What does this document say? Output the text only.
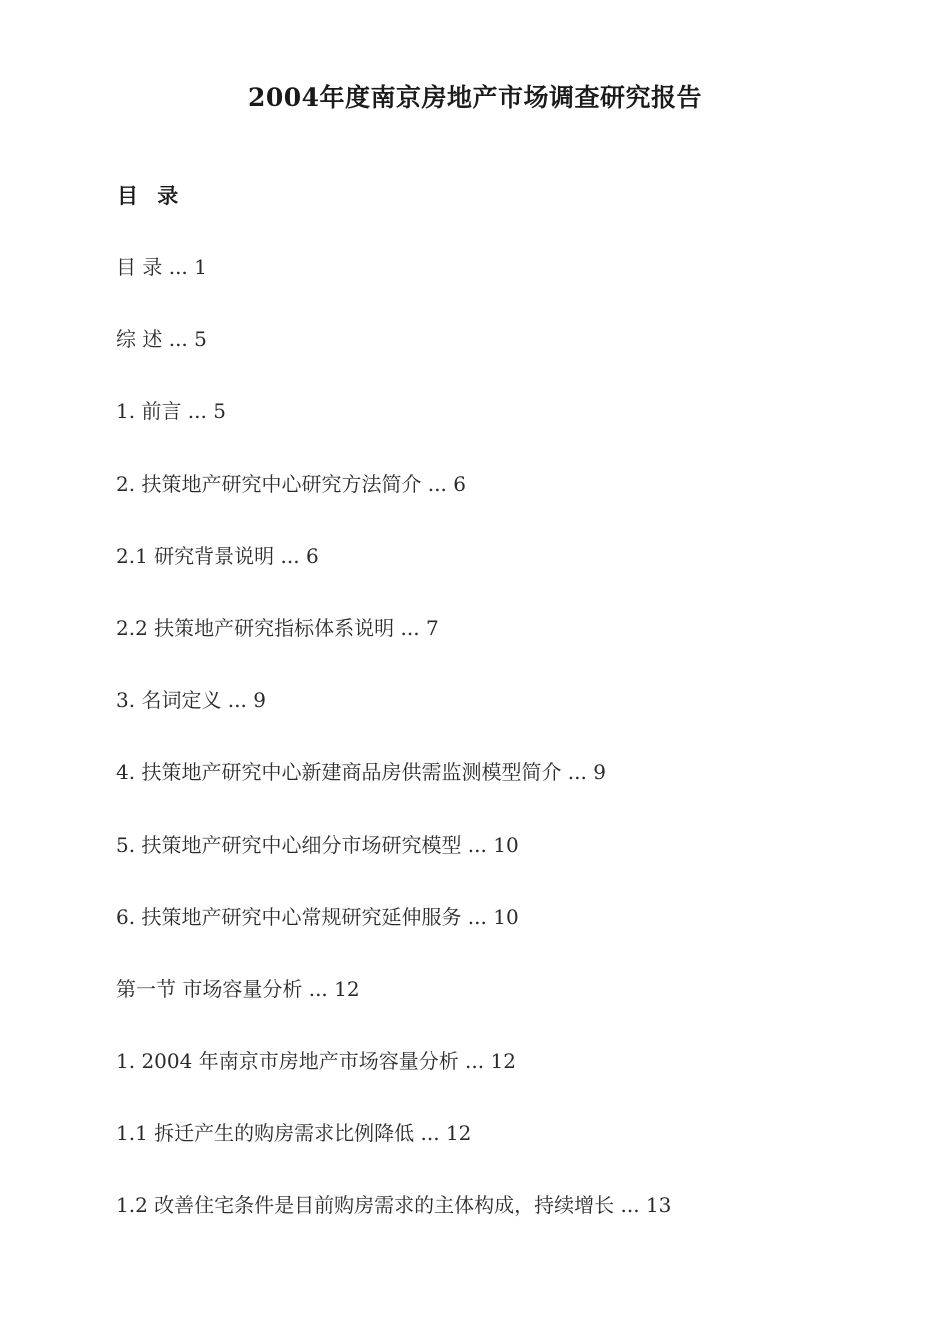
2004年度南京房地产市场调查研究报告
目 录
目 录 ... 1
综 述 ... 5
1. 前言 ... 5
2. 扶策地产研究中心研究方法简介 ... 6
2.1 研究背景说明 ... 6
2.2 扶策地产研究指标体系说明 ... 7
3. 名词定义 ... 9
4. 扶策地产研究中心新建商品房供需监测模型简介 ... 9
5. 扶策地产研究中心细分市场研究模型 ... 10
6. 扶策地产研究中心常规研究延伸服务 ... 10
第一节 市场容量分析 ... 12
1. 2004 年南京市房地产市场容量分析 ... 12
1.1 拆迁产生的购房需求比例降低 ... 12
1.2 改善住宅条件是目前购房需求的主体构成，持续增长 ... 13
